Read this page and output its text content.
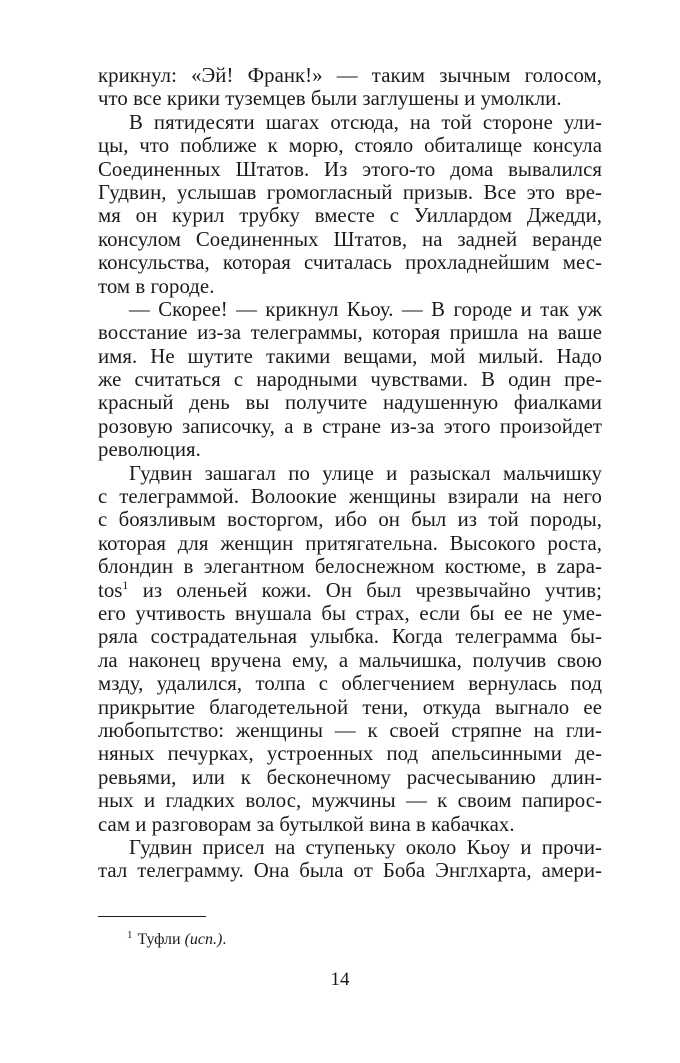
крикнул: «Эй! Франк!» — таким зычным голосом,
что все крики туземцев были заглушены и умолкли.
В пятидесяти шагах отсюда, на той стороне ули-
цы, что поближе к морю, стояло обиталище консула
Соединенных Штатов. Из этого-то дома вывалился
Гудвин, услышав громогласный призыв. Все это вре-
мя он курил трубку вместе с Уиллардом Джедди,
консулом Соединенных Штатов, на задней веранде
консульства, которая считалась прохладнейшим мес-
том в городе.
— Скорее! — крикнул Кьоу. — В городе и так уж
восстание из-за телеграммы, которая пришла на ваше
имя. Не шутите такими вещами, мой милый. Надо
же считаться с народными чувствами. В один пре-
красный день вы получите надушенную фиалками
розовую записочку, а в стране из-за этого произойдет
революция.
Гудвин зашагал по улице и разыскал мальчишку
с телеграммой. Волоокие женщины взирали на него
с боязливым восторгом, ибо он был из той породы,
которая для женщин притягательна. Высокого роста,
блондин в элегантном белоснежном костюме, в zapa-
tos$^1$ из оленьей кожи. Он был чрезвычайно учтив;
его учтивость внушала бы страх, если бы ее не уме-
ряла сострадательная улыбка. Когда телеграмма бы-
ла наконец вручена ему, а мальчишка, получив свою
мзду, удалился, толпа с облегчением вернулась под
прикрытие благодетельной тени, откуда выгнало ее
любопытство: женщины — к своей стряпне на гли-
няных печурках, устроенных под апельсинными де-
ревьями, или к бесконечному расчесыванию длин-
ных и гладких волос, мужчины — к своим папирос-
сам и разговорам за бутылкой вина в кабачках.
Гудвин присел на ступеньку около Кьоу и прочи-
тал телеграмму. Она была от Боба Энглхарта, амери-
$^1$ Туфли (исп.).
14
